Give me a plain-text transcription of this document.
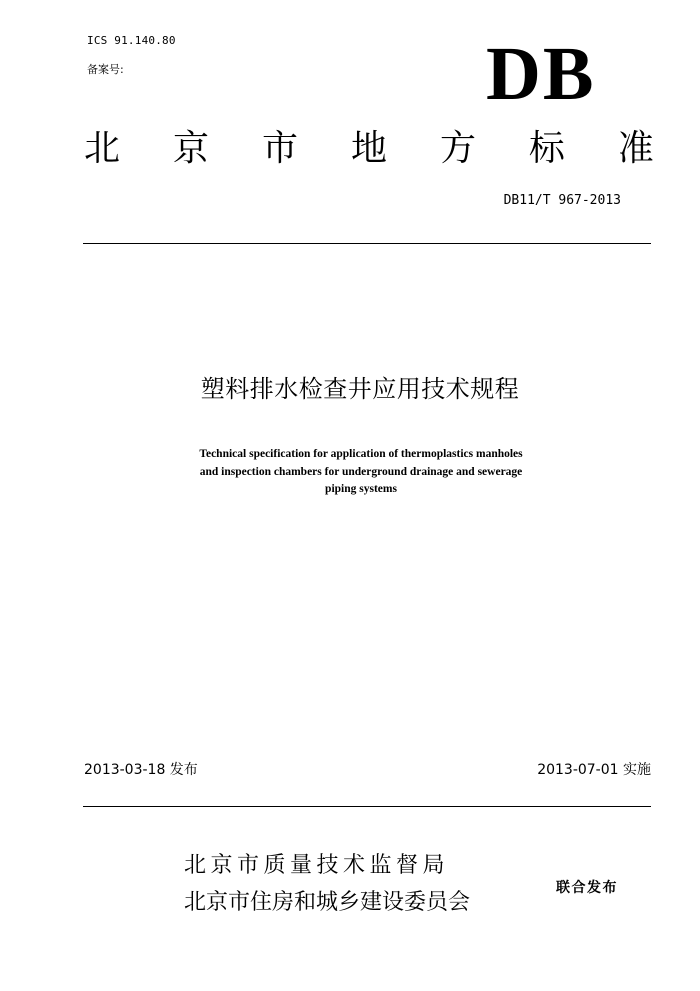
ICS 91.140.80
备案号:	DB
北 京 市 地 方 标 准
DB11/T 967-2013
塑料排水检查井应用技术规程
Technical specification for application of thermoplastics manholes
and inspection chambers for underground drainage and sewerage
piping systems
2013-03-18 发布	2013-07-01 实施
北京市质量技术监督局
北京市住房和城乡建设委员会
联合发布
